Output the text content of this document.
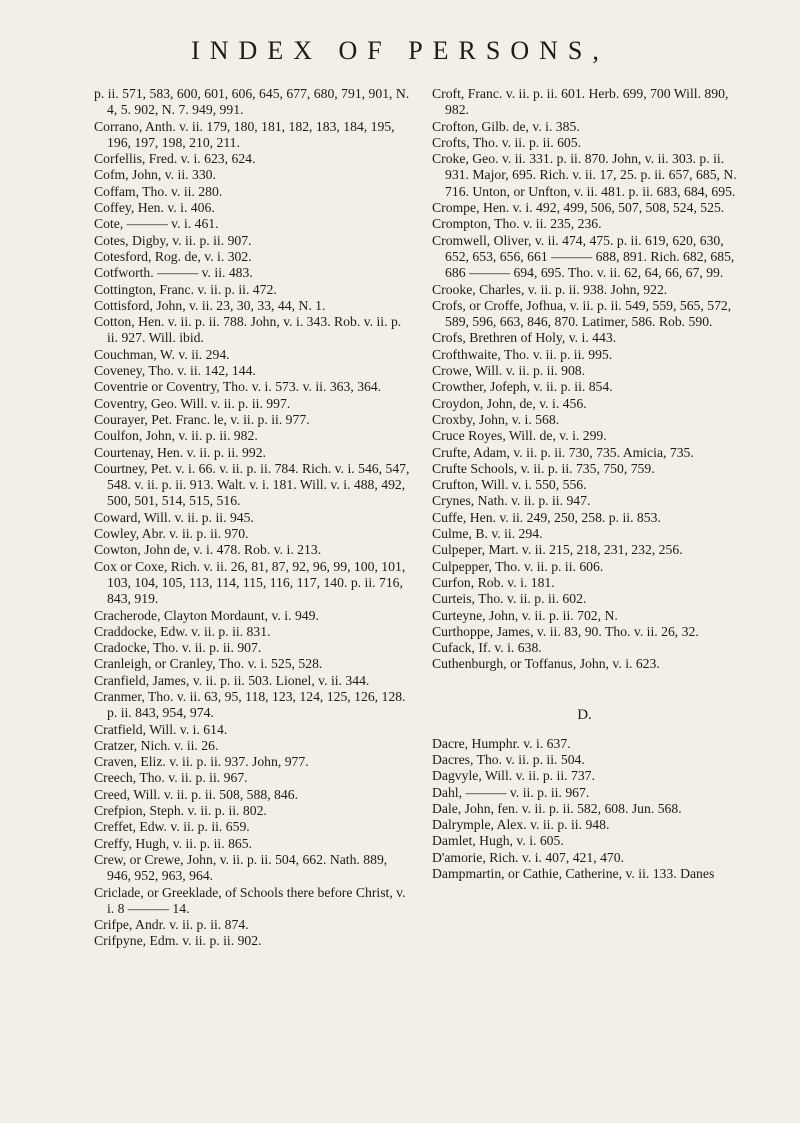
INDEX OF PERSONS,

p. ii. 571, 583, 600, 601, 606, 645, 677, 680, 791, 901, N. 4, 5. 902, N. 7. 949, 991.

Corrano, Anth. v. ii. 179, 180, 181, 182, 183, 184, 195, 196, 197, 198, 210, 211.

Corfellis, Fred. v. i. 623, 624.

Cofm, John, v. ii. 330.

Coffam, Tho. v. ii. 280.

Coffey, Hen. v. i. 406.

Cote, ——— v. i. 461.

Cotes, Digby, v. ii. p. ii. 907.

Cotesford, Rog. de, v. i. 302.

Cotfworth. ——— v. ii. 483.

Cottington, Franc. v. ii. p. ii. 472.

Cottisford, John, v. ii. 23, 30, 33, 44, N. 1.

Cotton, Hen. v. ii. p. ii. 788. John, v. i. 343. Rob. v. ii. p. ii. 927. Will. ibid.

Couchman, W. v. ii. 294.

Coveney, Tho. v. ii. 142, 144.

Coventrie or Coventry, Tho. v. i. 573. v. ii. 363, 364.

Coventry, Geo. Will. v. ii. p. ii. 997.

Courayer, Pet. Franc. le, v. ii. p. ii. 977.

Coulfon, John, v. ii. p. ii. 982.

Courtenay, Hen. v. ii. p. ii. 992.

Courtney, Pet. v. i. 66. v. ii. p. ii. 784. Rich. v. i. 546, 547, 548. v. ii. p. ii. 913. Walt. v. i. 181. Will. v. i. 488, 492, 500, 501, 514, 515, 516.

Coward, Will. v. ii. p. ii. 945.

Cowley, Abr. v. ii. p. ii. 970.

Cowton, John de, v. i. 478. Rob. v. i. 213.

Cox or Coxe, Rich. v. ii. 26, 81, 87, 92, 96, 99, 100, 101, 103, 104, 105, 113, 114, 115, 116, 117, 140. p. ii. 716, 843, 919.

Cracherode, Clayton Mordaunt, v. i. 949.

Craddocke, Edw. v. ii. p. ii. 831.

Cradocke, Tho. v. ii. p. ii. 907.

Cranleigh, or Cranley, Tho. v. i. 525, 528.

Cranfield, James, v. ii. p. ii. 503. Lionel, v. ii. 344.

Cranmer, Tho. v. ii. 63, 95, 118, 123, 124, 125, 126, 128. p. ii. 843, 954, 974.

Cratfield, Will. v. i. 614.

Cratzer, Nich. v. ii. 26.

Craven, Eliz. v. ii. p. ii. 937. John, 977.

Creech, Tho. v. ii. p. ii. 967.

Creed, Will. v. ii. p. ii. 508, 588, 846.

Crefpion, Steph. v. ii. p. ii. 802.

Creffet, Edw. v. ii. p. ii. 659.

Creffy, Hugh, v. ii. p. ii. 865.

Crew, or Crewe, John, v. ii. p. ii. 504, 662. Nath. 889, 946, 952, 963, 964.

Criclade, or Greeklade, of Schools there before Christ, v. i. 8 ——— 14.

Crifpe, Andr. v. ii. p. ii. 874.

Crifpyne, Edm. v. ii. p. ii. 902.

Croft, Franc. v. ii. p. ii. 601. Herb. 699, 700 Will. 890, 982.

Crofton, Gilb. de, v. i. 385.

Crofts, Tho. v. ii. p. ii. 605.

Croke, Geo. v. ii. 331. p. ii. 870. John, v. ii. 303. p. ii. 931. Major, 695. Rich. v. ii. 17, 25. p. ii. 657, 685, N. 716. Unton, or Unfton, v. ii. 481. p. ii. 683, 684, 695.

Crompe, Hen. v. i. 492, 499, 506, 507, 508, 524, 525.

Crompton, Tho. v. ii. 235, 236.

Cromwell, Oliver, v. ii. 474, 475. p. ii. 619, 620, 630, 652, 653, 656, 661 ——— 688, 891. Rich. 682, 685, 686 ——— 694, 695. Tho. v. ii. 62, 64, 66, 67, 99.

Crooke, Charles, v. ii. p. ii. 938. John, 922.

Crofs, or Croffe, Jofhua, v. ii. p. ii. 549, 559, 565, 572, 589, 596, 663, 846, 870. Latimer, 586. Rob. 590.

Crofs, Brethren of Holy, v. i. 443.

Crofthwaite, Tho. v. ii. p. ii. 995.

Crowe, Will. v. ii. p. ii. 908.

Crowther, Jofeph, v. ii. p. ii. 854.

Croydon, John, de, v. i. 456.

Croxby, John, v. i. 568.

Cruce Royes, Will. de, v. i. 299.

Crufte, Adam, v. ii. p. ii. 730, 735. Amicia, 735.

Crufte Schools, v. ii. p. ii. 735, 750, 759.

Crufton, Will. v. i. 550, 556.

Crynes, Nath. v. ii. p. ii. 947.

Cuffe, Hen. v. ii. 249, 250, 258. p. ii. 853.

Culme, B. v. ii. 294.

Culpeper, Mart. v. ii. 215, 218, 231, 232, 256.

Culpepper, Tho. v. ii. p. ii. 606.

Curfon, Rob. v. i. 181.

Curteis, Tho. v. ii. p. ii. 602.

Curteyne, John, v. ii. p. ii. 702, N.

Curthoppe, James, v. ii. 83, 90. Tho. v. ii. 26, 32.

Cufack, If. v. i. 638.

Cuthenburgh, or Toffanus, John, v. i. 623.

D.

Dacre, Humphr. v. i. 637.

Dacres, Tho. v. ii. p. ii. 504.

Dagvyle, Will. v. ii. p. ii. 737.

Dahl, ——— v. ii. p. ii. 967.

Dale, John, fen. v. ii. p. ii. 582, 608. Jun. 568.

Dalrymple, Alex. v. ii. p. ii. 948.

Damlet, Hugh, v. i. 605.

D'amorie, Rich. v. i. 407, 421, 470.

Dampmartin, or Cathie, Catherine, v. ii. 133. Danes
